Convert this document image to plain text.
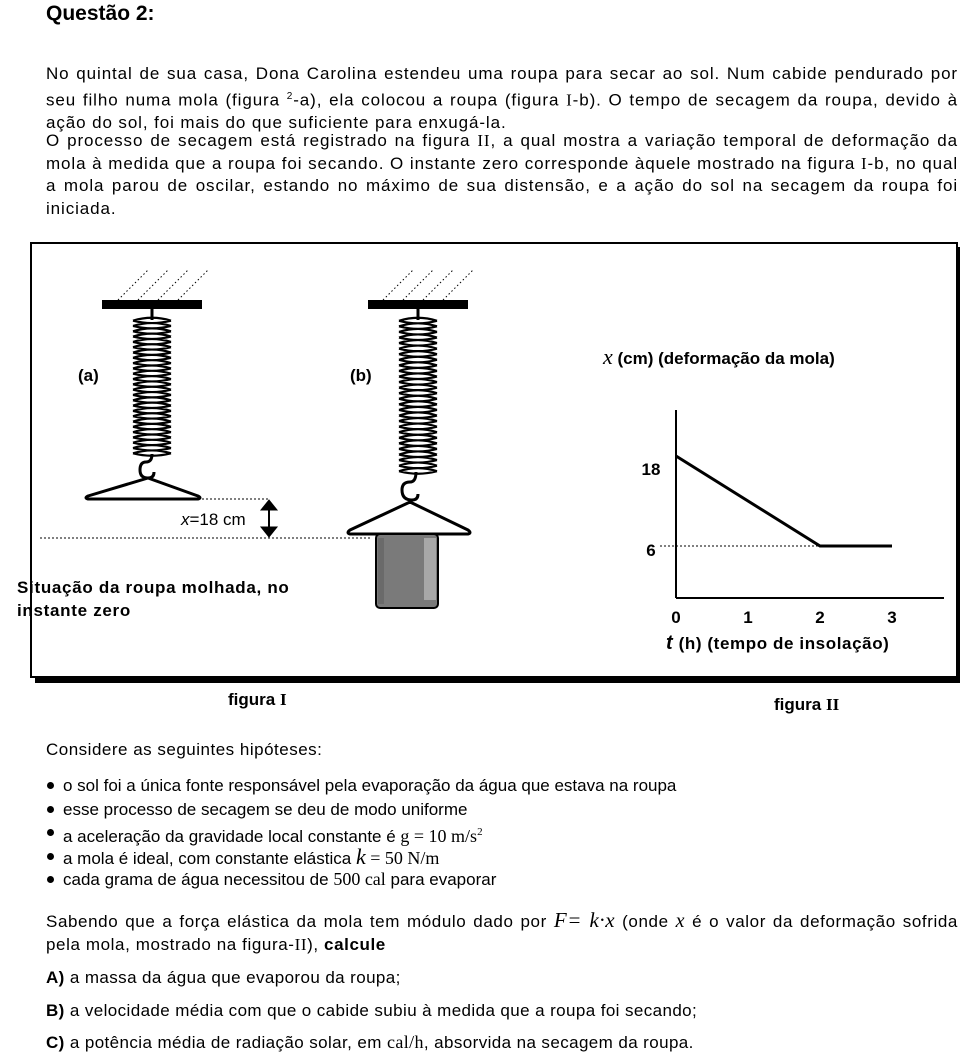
Questão 2:
No quintal de sua casa, Dona Carolina estendeu uma roupa para secar ao sol. Num cabide pendurado por seu filho numa mola (figura $^2$-a), ela colocou a roupa (figura I-b). O tempo de secagem da roupa, devido à ação do sol, foi mais do que suficiente para enxugá-la.
O processo de secagem está registrado na figura II, a qual mostra a variação temporal de deformação da mola à medida que a roupa foi secando. O instante zero corresponde àquele mostrado na figura I-b, no qual a mola parou de oscilar, estando no máximo de sua distensão, e a ação do sol na secagem da roupa foi iniciada.
(a)	(b)
x=18 cm
Situação da roupa molhada, no
instante zero	0	1	2	3
18
6
x (cm) (deformação da mola)
t (h) (tempo de insolação)
figura I	figura II
Considere as seguintes hipóteses:
o sol foi a única fonte responsável pela evaporação da água que estava na roupa
esse processo de secagem se deu de modo uniforme
a aceleração da gravidade local constante é g = 10 $m/s^2$
a mola é ideal, com constante elástica k = 50 N/m
cada grama de água necessitou de 500 cal para evaporar
Sabendo que a força elástica da mola tem módulo dado por F= k·x (onde x é o valor da deformação sofrida pela mola, mostrado na figura-II), calcule
A) a massa da água que evaporou da roupa;
B) a velocidade média com que o cabide subiu à medida que a roupa foi secando;
C) a potência média de radiação solar, em cal/h, absorvida na secagem da roupa.
